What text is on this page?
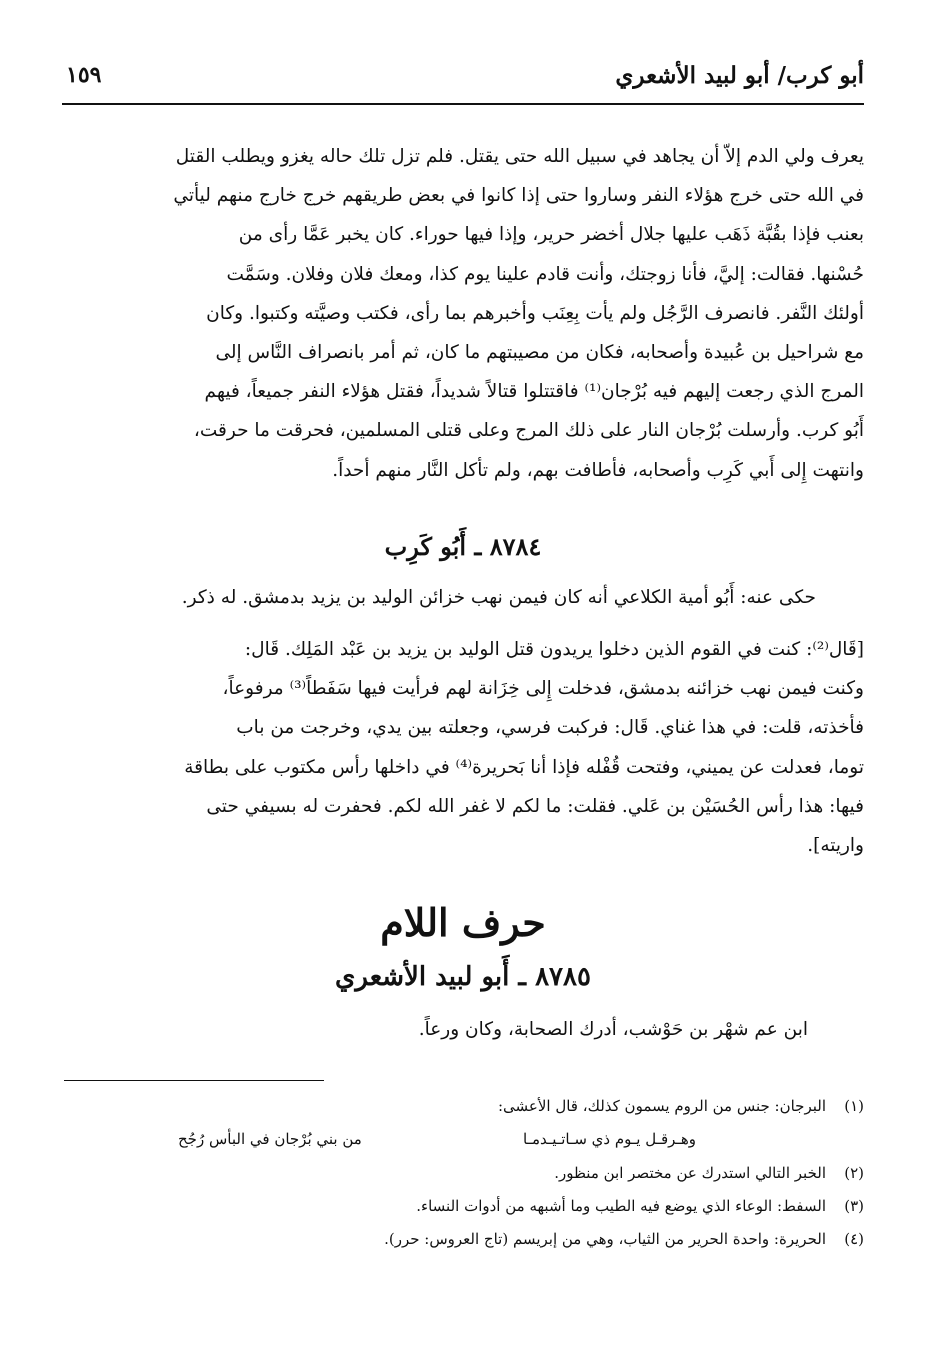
أبو كرب/ أبو لبيد الأشعري
١٥٩
يعرف ولي الدم إلاّ أن يجاهد في سبيل الله حتى يقتل. فلم تزل تلك حاله يغزو ويطلب القتل
في الله حتى خرج هؤلاء النفر وساروا حتى إذا كانوا في بعض طريقهم خرج خارج منهم ليأتي
بعنب فإذا بقُبَّة ذَهَب عليها جلال أخضر حرير، وإذا فيها حوراء. كان يخبر عَمَّا رأى من
حُسْنها. فقالت: إليَّ، فأنا زوجتك، وأنت قادم علينا يوم كذا، ومعك فلان وفلان. وسَمَّت
أولئك النَّفر. فانصرف الرَّجُل ولم يأت بِعِنَب وأخبرهم بما رأى، فكتب وصيَّته وكتبوا. وكان
مع شراحيل بن عُبيدة وأصحابه، فكان من مصيبتهم ما كان، ثم أمر بانصراف النَّاس إلى
المرج الذي رجعت إليهم فيه بُرْجان⁽¹⁾ فاقتتلوا قتالاً شديداً، فقتل هؤلاء النفر جميعاً، فيهم
أَبُو كرب. وأرسلت بُرْجان النار على ذلك المرج وعلى قتلى المسلمين، فحرقت ما حرقت،
وانتهت إِلى أَبي كَرِب وأصحابه، فأطافت بهم، ولم تأكل النَّار منهم أحداً.
٨٧٨٤ ـ أَبُو كَرِب
حكى عنه: أَبُو أمية الكلاعي أنه كان فيمن نهب خزائن الوليد بن يزيد بدمشق. له ذكر.
[قَال⁽²⁾: كنت في القوم الذين دخلوا يريدون قتل الوليد بن يزيد بن عَبْد المَلِك. قَال:
وكنت فيمن نهب خزائنه بدمشق، فدخلت إِلى خِزَانة لهم فرأيت فيها سَفَطاً⁽³⁾ مرفوعاً،
فأخذته، قلت: في هذا غناي. قَال: فركبت فرسي، وجعلته بين يدي، وخرجت من باب
توما، فعدلت عن يميني، وفتحت قُفْله فإذا أنا بَحريرة⁽⁴⁾ في داخلها رأس مكتوب على بطاقة
فيها: هذا رأس الحُسَيْن بن عَلي. فقلت: ما لكم لا غفر الله لكم. فحفرت له بسيفي حتى
واريته].
حرف اللام
٨٧٨٥ ـ أَبو لبيد الأشعري
ابن عم شهْر بن حَوْشب، أدرك الصحابة، وكان ورعاً.
(١)البرجان: جنس من الروم يسمون كذلك، قال الأعشى:
وهـرقـل يـوم ذي سـاتـيـدمـا
من بني بُرْجان في البأس رُجُح
(٢)الخبر التالي استدرك عن مختصر ابن منظور.
(٣)السفط: الوعاء الذي يوضع فيه الطيب وما أشبهه من أدوات النساء.
(٤)الحريرة: واحدة الحرير من الثياب، وهي من إبريسم (تاج العروس: حرر).
